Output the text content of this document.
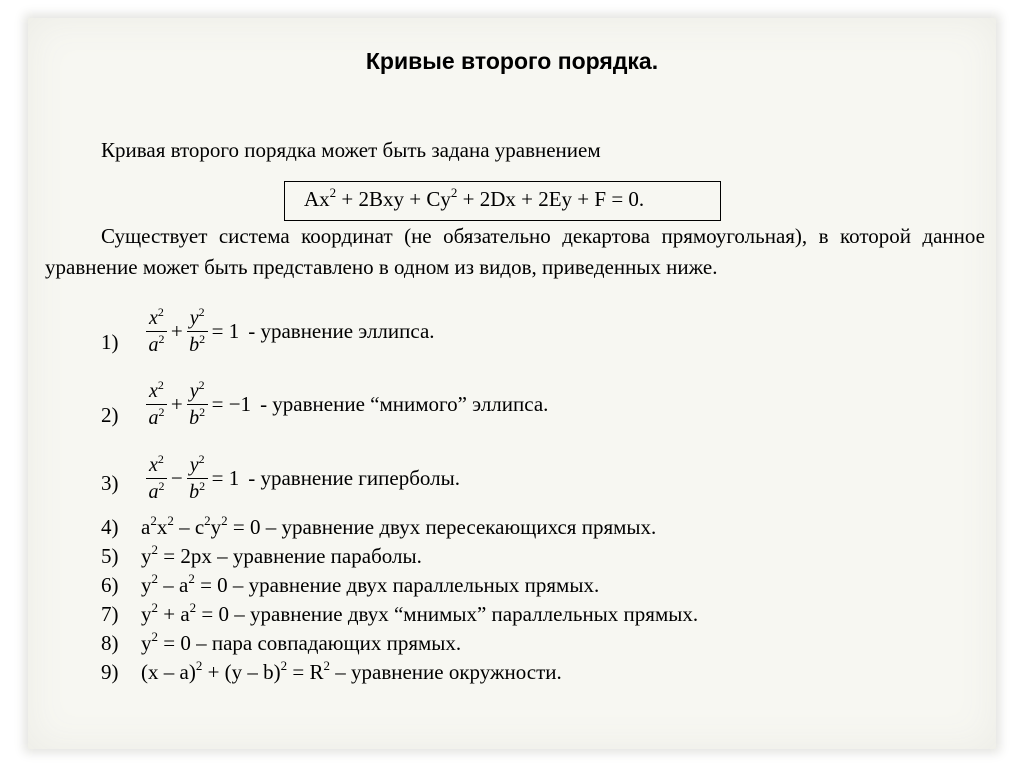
Кривые второго порядка.
Кривая второго порядка может быть задана уравнением
$Ax^2 + 2Bxy + Cy^2 + 2Dx + 2Ey + F = 0$.
Существует система координат (не обязательно декартова прямоугольная), в которой данное уравнение может быть представлено в одном из видов, приведенных ниже.
$1) \frac{x^2}{a^2} + \frac{y^2}{b^2} = 1$ - уравнение эллипса.
$2) \frac{x^2}{a^2} + \frac{y^2}{b^2} = -1$ - уравнение “мнимого” эллипса.
$3) \frac{x^2}{a^2} - \frac{y^2}{b^2} = 1$ - уравнение гиперболы.
4) $a^2x^2 - c^2y^2 = 0$ – уравнение двух пересекающихся прямых.
5) $y^2 = 2px$ – уравнение параболы.
6) $y^2 - a^2 = 0$ – уравнение двух параллельных прямых.
7) $y^2 + a^2 = 0$ – уравнение двух “мнимых” параллельных прямых.
8) $y^2 = 0$ – пара совпадающих прямых.
9) $(x - a)^2 + (y - b)^2 = R^2$ – уравнение окружности.
